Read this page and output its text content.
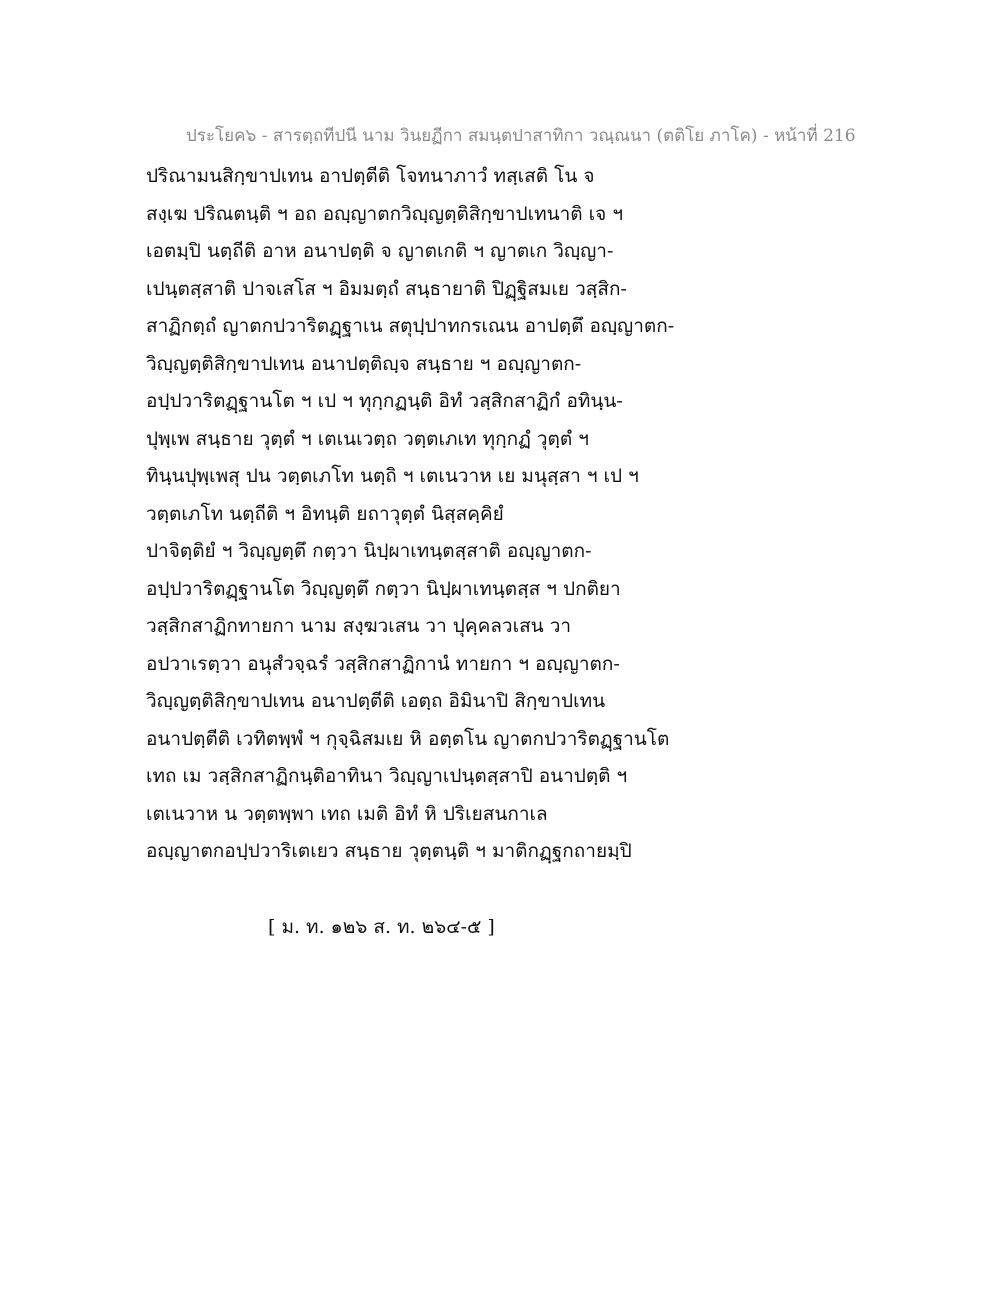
ประโยค๖ - สารตฺถทีปนี นาม วินยฏีกา สมนฺตปาสาทิกา วณฺณนา (ตติโย ภาโค) - หน้าที่ 216
ปริณามนสิกฺขาปเทน อาปตฺตีติ โจทนาภาวํ ทสฺเสติ โน จ
สงฺเฆ ปริณตนฺติ ฯ อถ อญฺญาตกวิญฺญตฺติสิกฺขาปเทนาติ เจ ฯ
เอตมฺปิ นตฺถีติ อาห อนาปตฺติ จ ญาตเกติ ฯ ญาตเก วิญฺญา-
เปนฺตสฺสาติ ปาจเสโส ฯ อิมมตฺถํ สนฺธายาติ ปิฏฺฐิสมเย วสฺสิก-
สาฏิกตฺถํ ญาตกปวาริตฏฺฐาเน สตุปฺปาทกรเณน อาปตฺตึ อญฺญาตก-
วิญฺญตฺติสิกฺขาปเทน อนาปตฺติญฺจ สนฺธาย ฯ อญฺญาตก-
อปฺปวาริตฏฺฐานโต ฯ เป ฯ ทุกฺกฏนฺติ อิทํ วสฺสิกสาฏิกํ อทินฺน-
ปุพฺเพ สนฺธาย วุตฺตํ ฯ เตเนเวตฺถ วตฺตเภเท ทุกฺกฏํ วุตฺตํ ฯ
ทินฺนปุพฺเพสุ ปน วตฺตเภโท นตฺถิ ฯ เตเนวาห เย มนุสฺสา ฯ เป ฯ
วตฺตเภโท นตฺถีติ ฯ อิทนฺติ ยถาวุตฺตํ นิสฺสคฺคิยํ
ปาจิตฺติยํ ฯ วิญฺญตฺตึ กตฺวา นิปฺผาเทนฺตสฺสาติ อญฺญาตก-
อปฺปวาริตฏฺฐานโต วิญฺญตฺตึ กตฺวา นิปฺผาเทนฺตสฺส ฯ ปกติยา
วสฺสิกสาฏิกทายกา นาม สงฺฆวเสน วา ปุคฺคลวเสน วา
อปวาเรตฺวา อนุสํวจฺฉรํ วสฺสิกสาฏิกานํ ทายกา ฯ อญฺญาตก-
วิญฺญตฺติสิกฺขาปเทน อนาปตฺตีติ เอตฺถ อิมินาปิ สิกฺขาปเทน
อนาปตฺตีติ เวทิตพฺพํ ฯ กุจฺฉิสมเย หิ อตฺตโน ญาตกปวาริตฏฺฐานโต
เทถ เม วสฺสิกสาฏิกนฺติอาทินา วิญฺญาเปนฺตสฺสาปิ อนาปตฺติ ฯ
เตเนวาห น วตฺตพฺพา เทถ เมติ อิทํ หิ ปริเยสนกาเล
อญฺญาตกอปฺปวาริเตเยว สนฺธาย วุตฺตนฺติ ฯ มาติกฏฺฐกถายมฺปิ
[ ม. ท. ๑๒๖ ส. ท. ๒๖๔-๕ ]
